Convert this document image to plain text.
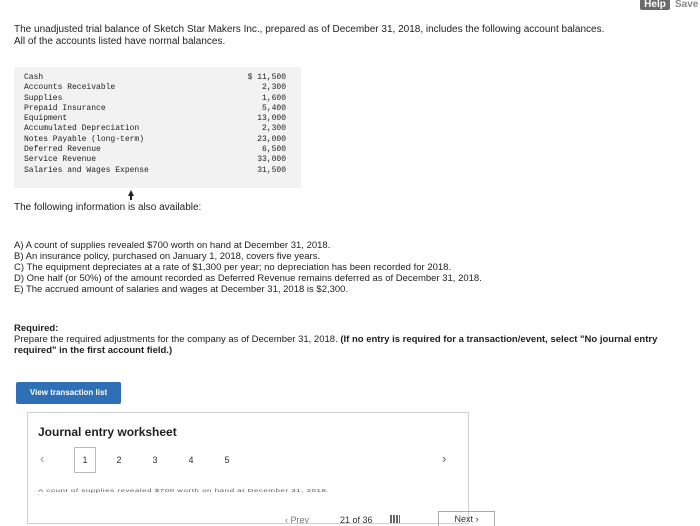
Help Save
The unadjusted trial balance of Sketch Star Makers Inc., prepared as of December 31, 2018, includes the following account balances.
All of the accounts listed have normal balances.
Cash	$ 11,500
Accounts Receivable	2,300
Supplies	1,600
Prepaid Insurance	5,400
Equipment	13,000
Accumulated Depreciation	2,300
Notes Payable (long-term)	23,000
Deferred Revenue	6,500
Service Revenue	33,000
Salaries and Wages Expense	31,500
The following information is also available:
A) A count of supplies revealed $700 worth on hand at December 31, 2018.
B) An insurance policy, purchased on January 1, 2018, covers five years.
C) The equipment depreciates at a rate of $1,300 per year; no depreciation has been recorded for 2018.
D) One half (or 50%) of the amount recorded as Deferred Revenue remains deferred as of December 31, 2018.
E) The accrued amount of salaries and wages at December 31, 2018 is $2,300.
Required:
Prepare the required adjustments for the company as of December 31, 2018. (If no entry is required for a transaction/event, select "No journal entry required" in the first account field.)
View transaction list
Journal entry worksheet
‹	1	2	3	4	5	›
A count of supplies revealed $700 worth on hand at December 31, 2018.
‹ Prev	21 of 36	Next ›
